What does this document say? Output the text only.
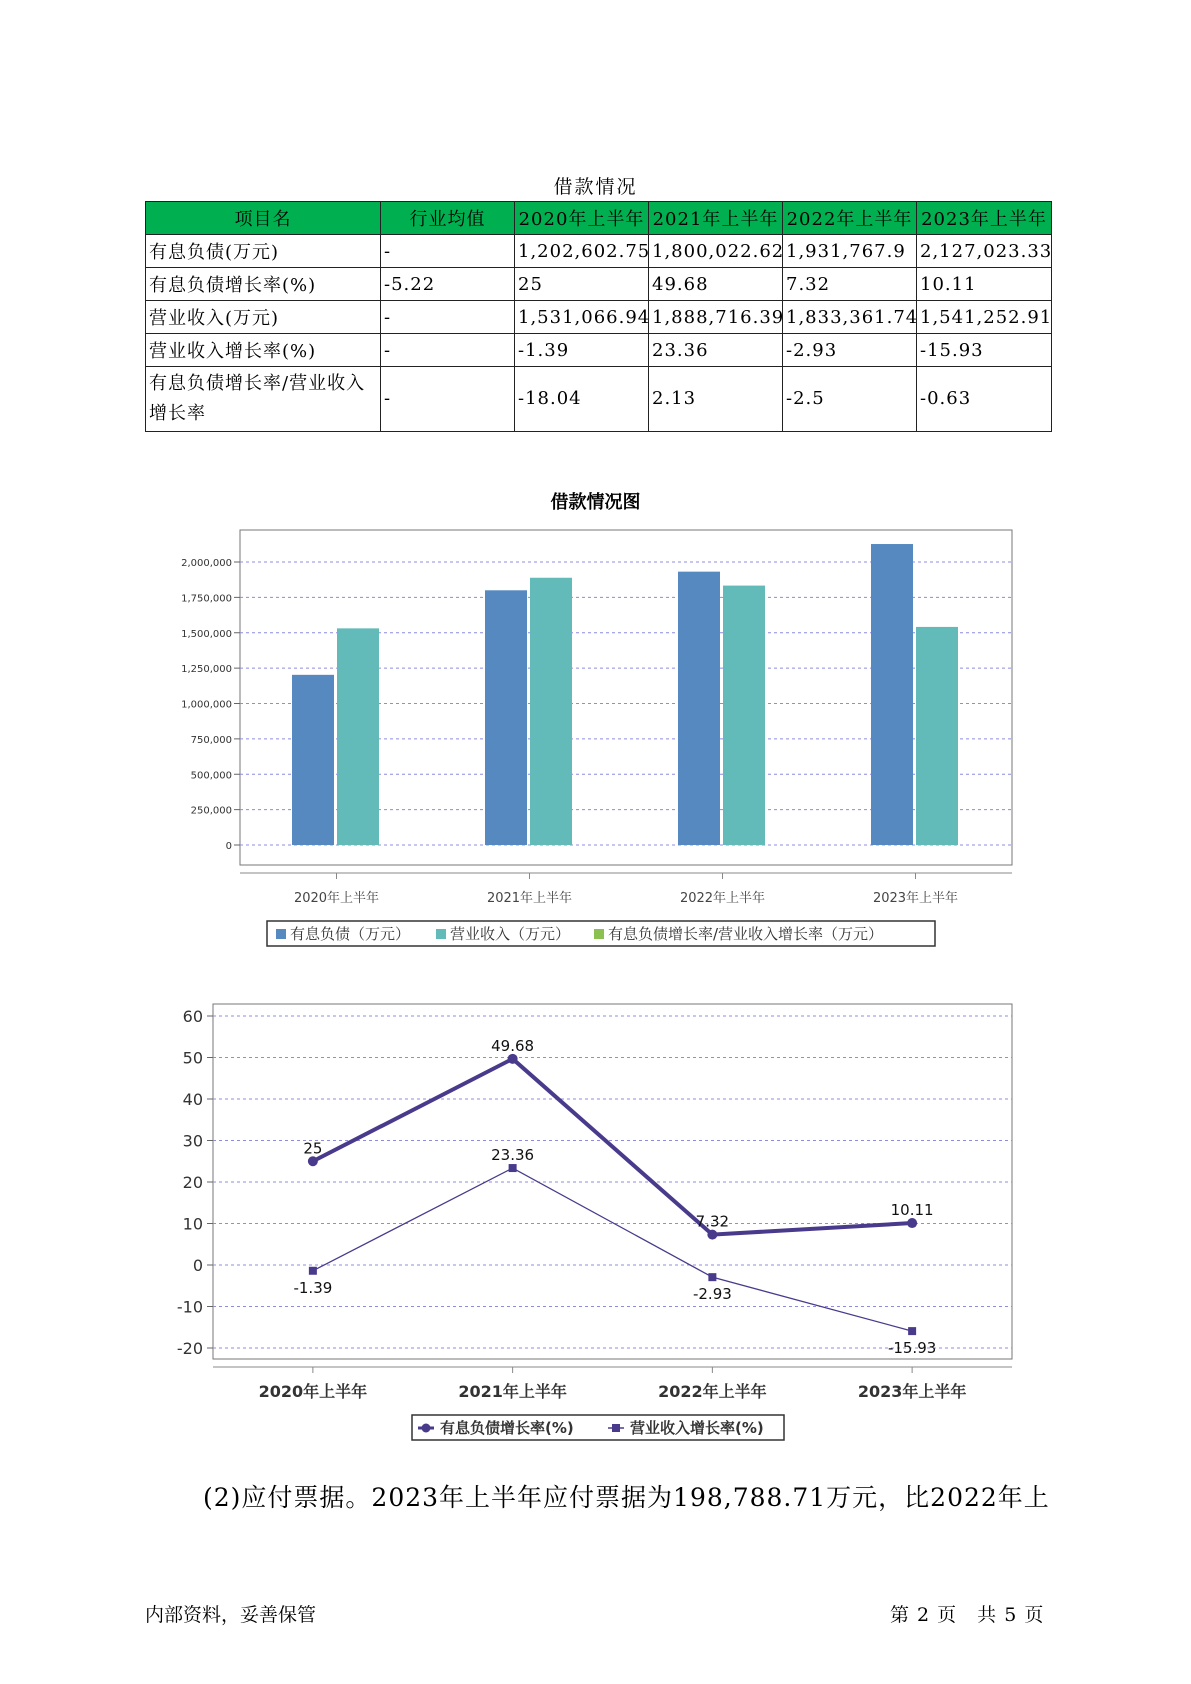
借款情况
项目名	行业均值	2020年上半年	2021年上半年	2022年上半年	2023年上半年
有息负债(万元)	-	1,202,602.75	1,800,022.62	1,931,767.9	2,127,023.33
有息负债增长率(%)	-5.22	25	49.68	7.32	10.11
营业收入(万元)	-	1,531,066.94	1,888,716.39	1,833,361.74	1,541,252.91
营业收入增长率(%)	-	-1.39	23.36	-2.93	-15.93
有息负债增长率/营业收入增长率	-	-18.04	2.13	-2.5	-0.63
借款情况图
2,000,000
1,750,000
1,500,000
1,250,000
1,000,000
750,000
500,000
250,000
0
2020年上半年	2021年上半年	2022年上半年	2023年上半年
有息负债（万元）	营业收入（万元）	有息负债增长率/营业收入增长率（万元）
60
50
40
30
20
10
0
-10
-20
2020年上半年	2021年上半年	2022年上半年	2023年上半年
25
49.68
7.32
10.11
-1.39
23.36
-2.93
-15.93
有息负债增长率(%)	营业收入增长率(%)
(2)应付票据。2023年上半年应付票据为198,788.71万元，比2022年上
内部资料，妥善保管	第 2 页　共 5 页
